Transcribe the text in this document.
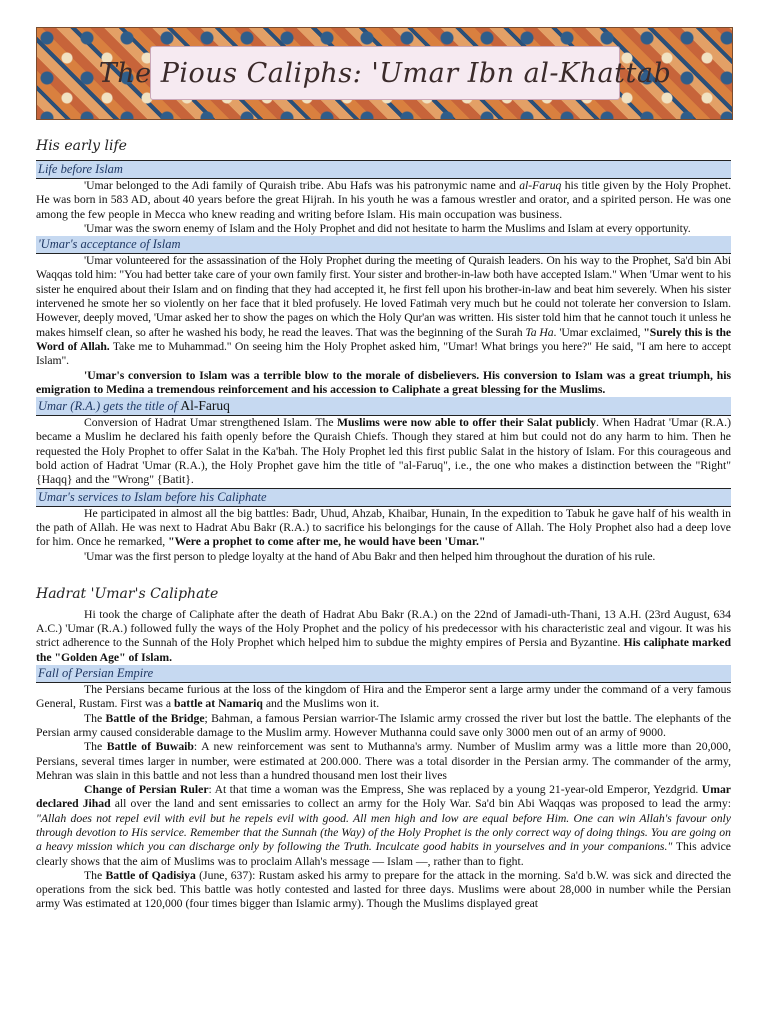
The Pious Caliphs: 'Umar Ibn al-Khattab
His early life
Life before Islam

'Umar belonged to the Adi family of Quraish tribe. Abu Hafs was his patronymic name and al-Faruq his title given by the Holy Prophet. He was born in 583 AD, about 40 years before the great Hijrah. In his youth he was a famous wrestler and orator, and a spirited person. He was one among the few people in Mecca who knew reading and writing before Islam. His main occupation was business.

'Umar was the sworn enemy of Islam and the Holy Prophet and did not hesitate to harm the Muslims and Islam at every opportunity.

'Umar's acceptance of Islam

'Umar volunteered for the assassination of the Holy Prophet during the meeting of Quraish leaders. On his way to the Prophet, Sa'd bin Abi Waqqas told him: "You had better take care of your own family first. Your sister and brother-in-law both have accepted Islam." When 'Umar went to his sister he enquired about their Islam and on finding that they had accepted it, he first fell upon his brother-in-law and beat him severely. When his sister intervened he smote her so violently on her face that it bled profusely. He loved Fatimah very much but he could not tolerate her conversion to Islam. However, deeply moved, 'Umar asked her to show the pages on which the Holy Qur'an was written. His sister told him that he cannot touch it unless he makes himself clean, so after he washed his body, he read the leaves. That was the beginning of the Surah Ta Ha. 'Umar exclaimed, "Surely this is the Word of Allah. Take me to Muhammad." On seeing him the Holy Prophet asked him, "Umar! What brings you here?" He said, "I am here to accept Islam".

'Umar's conversion to Islam was a terrible blow to the morale of disbelievers. His conversion to Islam was a great triumph, his emigration to Medina a tremendous reinforcement and his accession to Caliphate a great blessing for the Muslims.

Umar (R.A.) gets the title of Al-Faruq

Conversion of Hadrat Umar strengthened Islam. The Muslims were now able to offer their Salat publicly. When Hadrat 'Umar (R.A.) became a Muslim he declared his faith openly before the Quraish Chiefs. Though they stared at him but could not do any harm to him. Then he requested the Holy Prophet to offer Salat in the Ka'bah. The Holy Prophet led this first public Salat in the history of Islam. For this courageous and bold action of Hadrat 'Umar (R.A.), the Holy Prophet gave him the title of "al-Faruq", i.e., the one who makes a distinction between the "Right" {Haqq} and the "Wrong" {Batit}.

Umar's services to Islam before his Caliphate

He participated in almost all the big battles: Badr, Uhud, Ahzab, Khaibar, Hunain, In the expedition to Tabuk he gave half of his wealth in the path of Allah. He was next to Hadrat Abu Bakr (R.A.) to sacrifice his belongings for the cause of Allah. The Holy Prophet also had a deep love for him. Once he remarked, "Were a prophet to come after me, he would have been 'Umar."

'Umar was the first person to pledge loyalty at the hand of Abu Bakr and then helped him throughout the duration of his rule.

Hadrat 'Umar's Caliphate

Hi took the charge of Caliphate after the death of Hadrat Abu Bakr (R.A.) on the 22nd of Jamadi-uth-Thani, 13 A.H. (23rd August, 634 A.C.) 'Umar (R.A.) followed fully the ways of the Holy Prophet and the policy of his predecessor with his characteristic zeal and vigour. It was his strict adherence to the Sunnah of the Holy Prophet which helped him to subdue the mighty empires of Persia and Byzantine. His caliphate marked the "Golden Age" of Islam.

Fall of Persian Empire

The Persians became furious at the loss of the kingdom of Hira and the Emperor sent a large army under the command of a very famous General, Rustam. First was a battle at Namariq and the Muslims won it.

The Battle of the Bridge; Bahman, a famous Persian warrior-The Islamic army crossed the river but lost the battle. The elephants of the Persian army caused considerable damage to the Muslim army. However Muthanna could save only 3000 men out of an army of 9000.

The Battle of Buwaib: A new reinforcement was sent to Muthanna's army. Number of Muslim army was a little more than 20,000, Persians, several times larger in number, were estimated at 200.000. There was a total disorder in the Persian army. The commander of the army, Mehran was slain in this battle and not less than a hundred thousand men lost their lives

Change of Persian Ruler: At that time a woman was the Empress, She was replaced by a young 21-year-old Emperor, Yezdgrid. Umar declared Jihad all over the land and sent emissaries to collect an army for the Holy War. Sa'd bin Abi Waqqas was proposed to lead the army: "Allah does not repel evil with evil but he repels evil with good. All men high and low are equal before Him. One can win Allah's favour only through devotion to His service. Remember that the Sunnah (the Way) of the Holy Prophet is the only correct way of doing things. You are going on a heavy mission which you can discharge only by following the Truth. Inculcate good habits in yourselves and in your companions." This advice clearly shows that the aim of Muslims was to proclaim Allah's message — Islam —, rather than to fight.

The Battle of Qadisiya (June, 637): Rustam asked his army to prepare for the attack in the morning. Sa'd b.W. was sick and directed the operations from the sick bed. This battle was hotly contested and lasted for three days. Muslims were about 28,000 in number while the Persian army Was estimated at 120,000 (four times bigger than Islamic army). Though the Muslims displayed great
